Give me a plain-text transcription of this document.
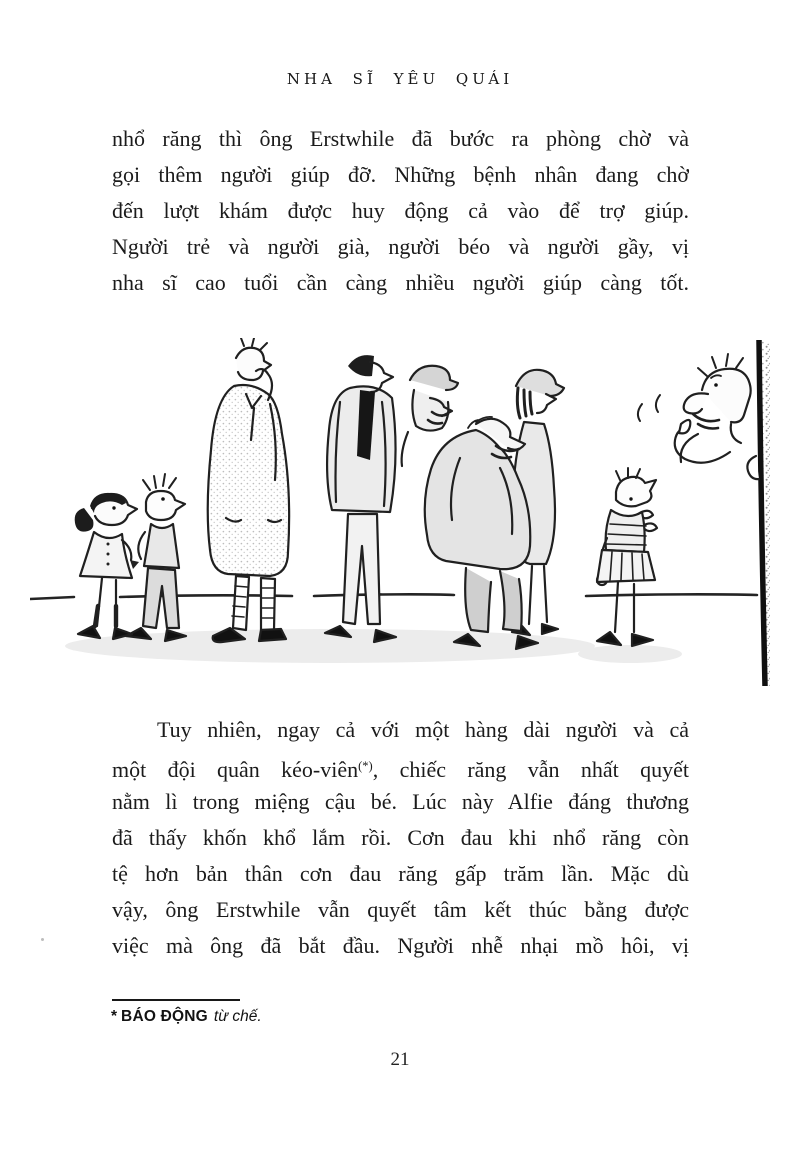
NHA SĨ YÊU QUÁI
nhổ răng thì ông Erstwhile đã bước ra phòng chờ và
gọi thêm người giúp đỡ. Những bệnh nhân đang chờ
đến lượt khám được huy động cả vào để trợ giúp.
Người trẻ và người già, người béo và người gầy, vị
nha sĩ cao tuổi cần càng nhiều người giúp càng tốt.
Tuy nhiên, ngay cả với một hàng dài người và cả
một đội quân kéo-viên(*), chiếc răng vẫn nhất quyết
nằm lì trong miệng cậu bé. Lúc này Alfie đáng thương
đã thấy khốn khổ lắm rồi. Cơn đau khi nhổ răng còn
tệ hơn bản thân cơn đau răng gấp trăm lần. Mặc dù
vậy, ông Erstwhile vẫn quyết tâm kết thúc bằng được
việc mà ông đã bắt đầu. Người nhễ nhại mồ hôi, vị
* BÁO ĐỘNG từ chế.
21
